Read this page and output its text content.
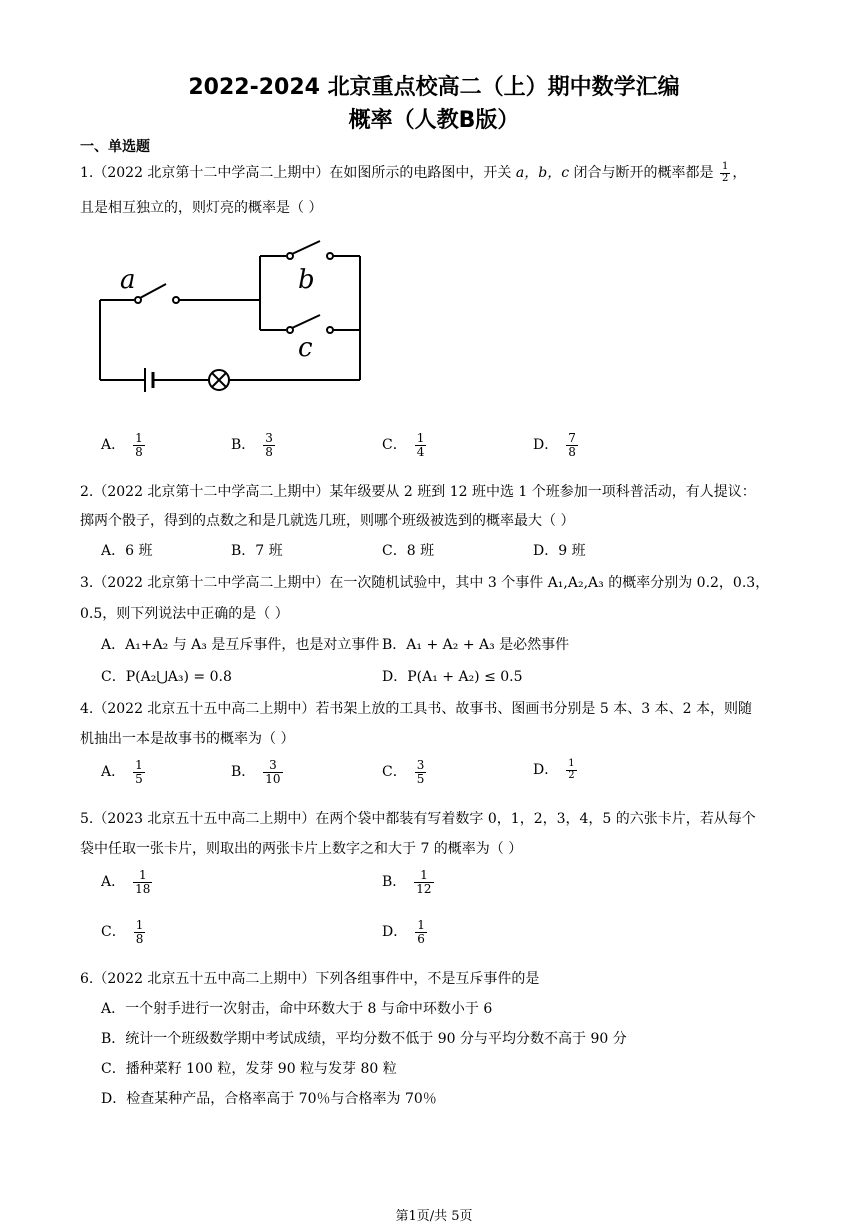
2022-2024 北京重点校高二（上）期中数学汇编
概率（人教B版）
一、单选题
1.（2022 北京第十二中学高二上期中）在如图所示的电路图中，开关 a，b，c 闭合与断开的概率都是 $\frac{1}{2}$ ，
且是相互独立的，则灯亮的概率是（ ）
a	b
c
A． $\frac{1}{8}$	B． $\frac{3}{8}$	C． $\frac{1}{4}$	D． $\frac{7}{8}$
2.（2022 北京第十二中学高二上期中）某年级要从 2 班到 12 班中选 1 个班参加一项科普活动，有人提议：
掷两个骰子，得到的点数之和是几就选几班，则哪个班级被选到的概率最大（ ）
A．6 班	B．7 班	C．8 班	D．9 班
3.（2022 北京第十二中学高二上期中）在一次随机试验中，其中 3 个事件 A₁,A₂,A₃ 的概率分别为 0.2，0.3，
0.5，则下列说法中正确的是（ ）
A．A₁+A₂ 与 A₃ 是互斥事件，也是对立事件 B．A₁ + A₂ + A₃ 是必然事件
C．P(A₂⋃A₃) = 0.8	D．P(A₁ + A₂) ≤ 0.5
4.（2022 北京五十五中高二上期中）若书架上放的工具书、故事书、图画书分别是 5 本、3 本、2 本，则随
机抽出一本是故事书的概率为（ ）
A． $\frac{1}{5}$	B． $\frac{3}{10}$	C． $\frac{3}{5}$	D． $\frac{1}{2}$
5.（2023 北京五十五中高二上期中）在两个袋中都装有写着数字 0，1，2，3，4，5 的六张卡片，若从每个
袋中任取一张卡片，则取出的两张卡片上数字之和大于 7 的概率为（ ）
A． $\frac{1}{18}$	B． $\frac{1}{12}$
C． $\frac{1}{8}$	D． $\frac{1}{6}$
6.（2022 北京五十五中高二上期中）下列各组事件中，不是互斥事件的是
A．一个射手进行一次射击，命中环数大于 8 与命中环数小于 6
B．统计一个班级数学期中考试成绩，平均分数不低于 90 分与平均分数不高于 90 分
C．播种菜籽 100 粒，发芽 90 粒与发芽 80 粒
D．检查某种产品，合格率高于 70％与合格率为 70％
第1页/共 5页
